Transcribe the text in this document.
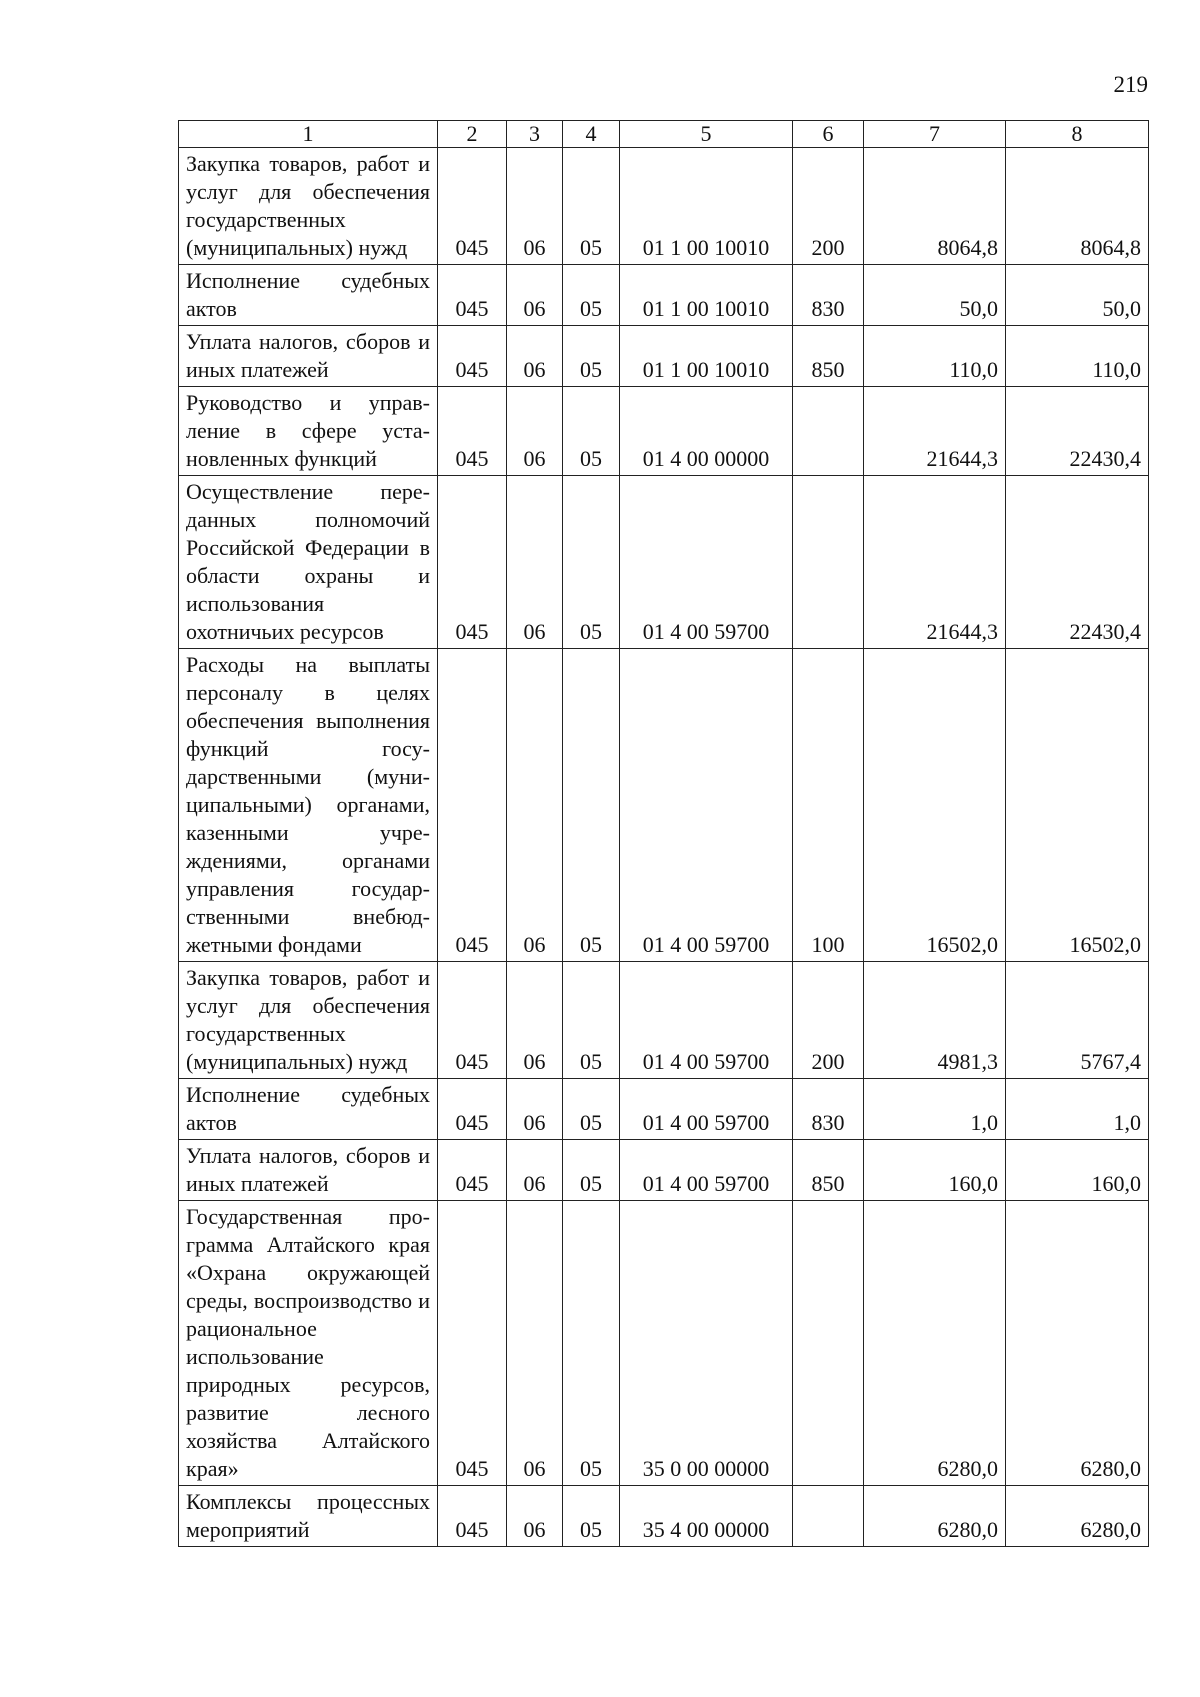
219
1	2	3	4	5	6	7	8
Закупка товаров, работ и услуг для обеспечения государственных (муниципальных) нужд	045	06	05	01 1 00 10010	200	8064,8	8064,8
Исполнение судебных актов	045	06	05	01 1 00 10010	830	50,0	50,0
Уплата налогов, сборов и иных платежей	045	06	05	01 1 00 10010	850	110,0	110,0
Руководство и управление в сфере установленных функций	045	06	05	01 4 00 00000		21644,3	22430,4
Осуществление переданных полномочий Российской Федерации в области охраны и использования охотничьих ресурсов	045	06	05	01 4 00 59700		21644,3	22430,4
Расходы на выплаты персоналу в целях обеспечения выполнения функций государственными (муниципальными) органами, казенными учреждениями, органами управления государственными внебюджетными фондами	045	06	05	01 4 00 59700	100	16502,0	16502,0
Закупка товаров, работ и услуг для обеспечения государственных (муниципальных) нужд	045	06	05	01 4 00 59700	200	4981,3	5767,4
Исполнение судебных актов	045	06	05	01 4 00 59700	830	1,0	1,0
Уплата налогов, сборов и иных платежей	045	06	05	01 4 00 59700	850	160,0	160,0
Государственная программа Алтайского края «Охрана окружающей среды, воспроизводство и рациональное использование природных ресурсов, развитие лесного хозяйства Алтайского края»	045	06	05	35 0 00 00000		6280,0	6280,0
Комплексы процессных мероприятий	045	06	05	35 4 00 00000		6280,0	6280,0
